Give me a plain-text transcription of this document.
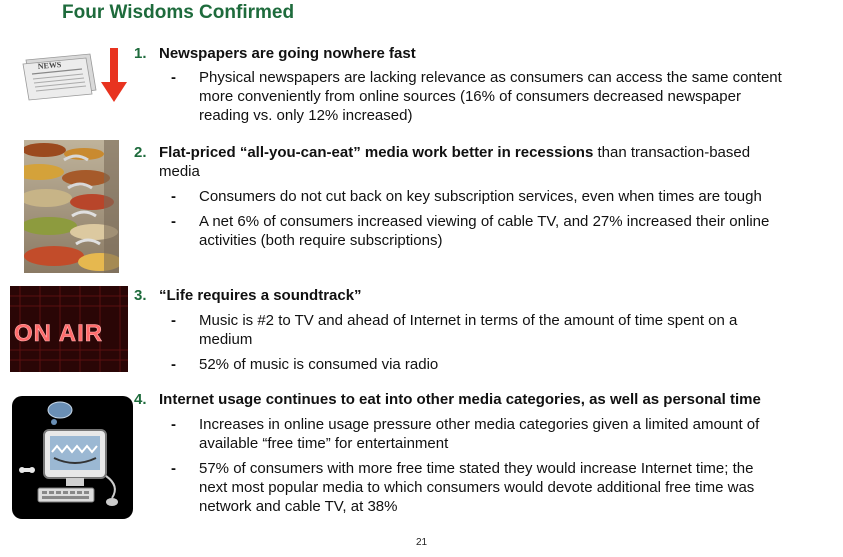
Four Wisdoms Confirmed
NEWS
ON AIR
1. Newspapers are going nowhere fast
-	Physical newspapers are lacking relevance as consumers can access the same content more conveniently from online sources (16% of consumers decreased newspaper reading vs. only 12% increased)
2. Flat-priced “all-you-can-eat” media work better in recessions than transaction-based media
-	Consumers do not cut back on key subscription services, even when times are tough
-	A net 6% of consumers increased viewing of cable TV, and 27% increased their online activities (both require subscriptions)
3. “Life requires a soundtrack”
-	Music is #2 to TV and ahead of Internet in terms of the amount of time spent on a medium
-	52% of music is consumed via radio
4. Internet usage continues to eat into other media categories, as well as personal time
-	Increases in online usage pressure other media categories given a limited amount of available “free time” for entertainment
-	57% of consumers with more free time stated they would increase Internet time; the next most popular media to which consumers would devote additional free time was network and cable TV, at 38%
21
